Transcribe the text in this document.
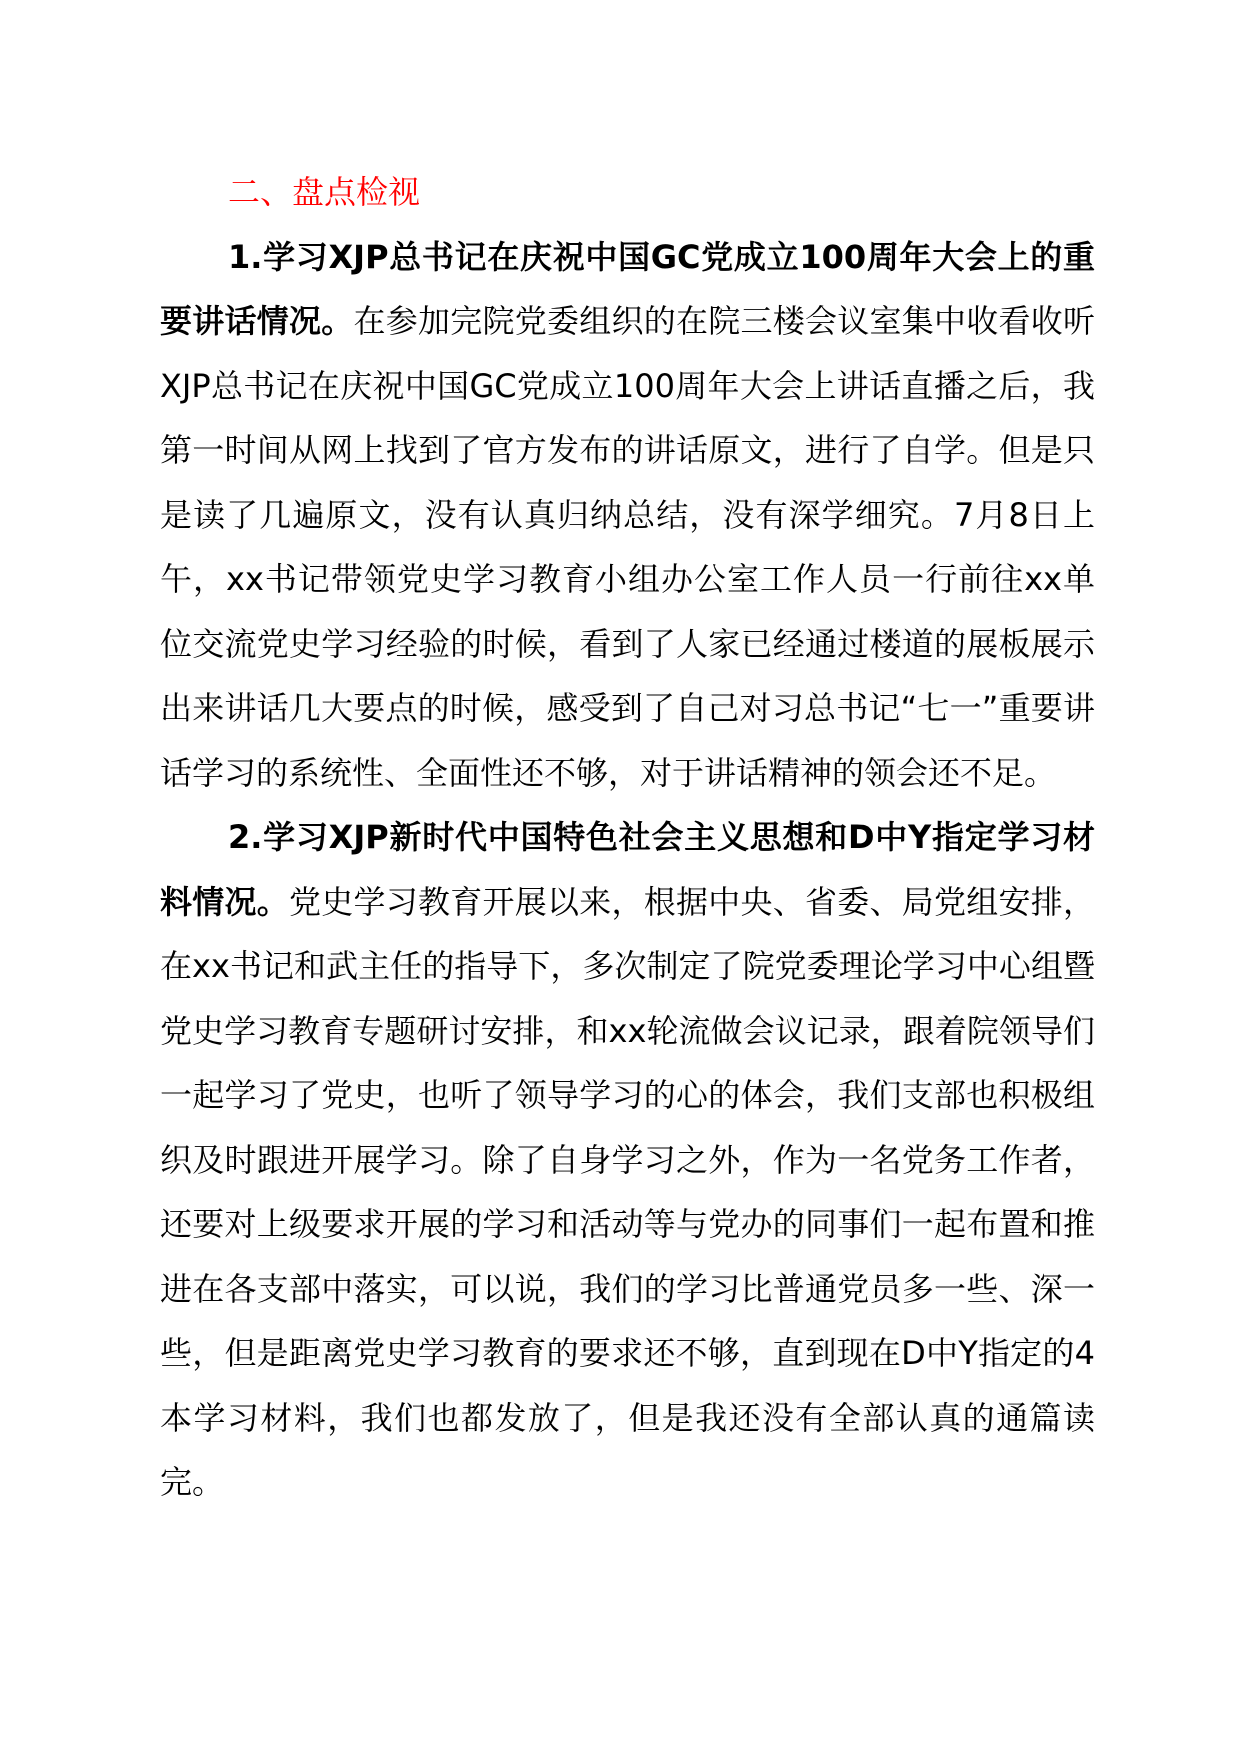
二、盘点检视

1.学习XJP总书记在庆祝中国GC党成立100周年大会上的重要讲话情况。在参加完院党委组织的在院三楼会议室集中收看收听XJP总书记在庆祝中国GC党成立100周年大会上讲话直播之后，我第一时间从网上找到了官方发布的讲话原文，进行了自学。但是只是读了几遍原文，没有认真归纳总结，没有深学细究。7月8日上午，xx书记带领党史学习教育小组办公室工作人员一行前往xx单位交流党史学习经验的时候，看到了人家已经通过楼道的展板展示出来讲话几大要点的时候，感受到了自己对习总书记“七一”重要讲话学习的系统性、全面性还不够，对于讲话精神的领会还不足。

2.学习XJP新时代中国特色社会主义思想和D中Y指定学习材料情况。党史学习教育开展以来，根据中央、省委、局党组安排，在xx书记和武主任的指导下，多次制定了院党委理论学习中心组暨党史学习教育专题研讨安排，和xx轮流做会议记录，跟着院领导们一起学习了党史，也听了领导学习的心的体会，我们支部也积极组织及时跟进开展学习。除了自身学习之外，作为一名党务工作者，还要对上级要求开展的学习和活动等与党办的同事们一起布置和推进在各支部中落实，可以说，我们的学习比普通党员多一些、深一些，但是距离党史学习教育的要求还不够，直到现在D中Y指定的4本学习材料，我们也都发放了，但是我还没有全部认真的通篇读完。
